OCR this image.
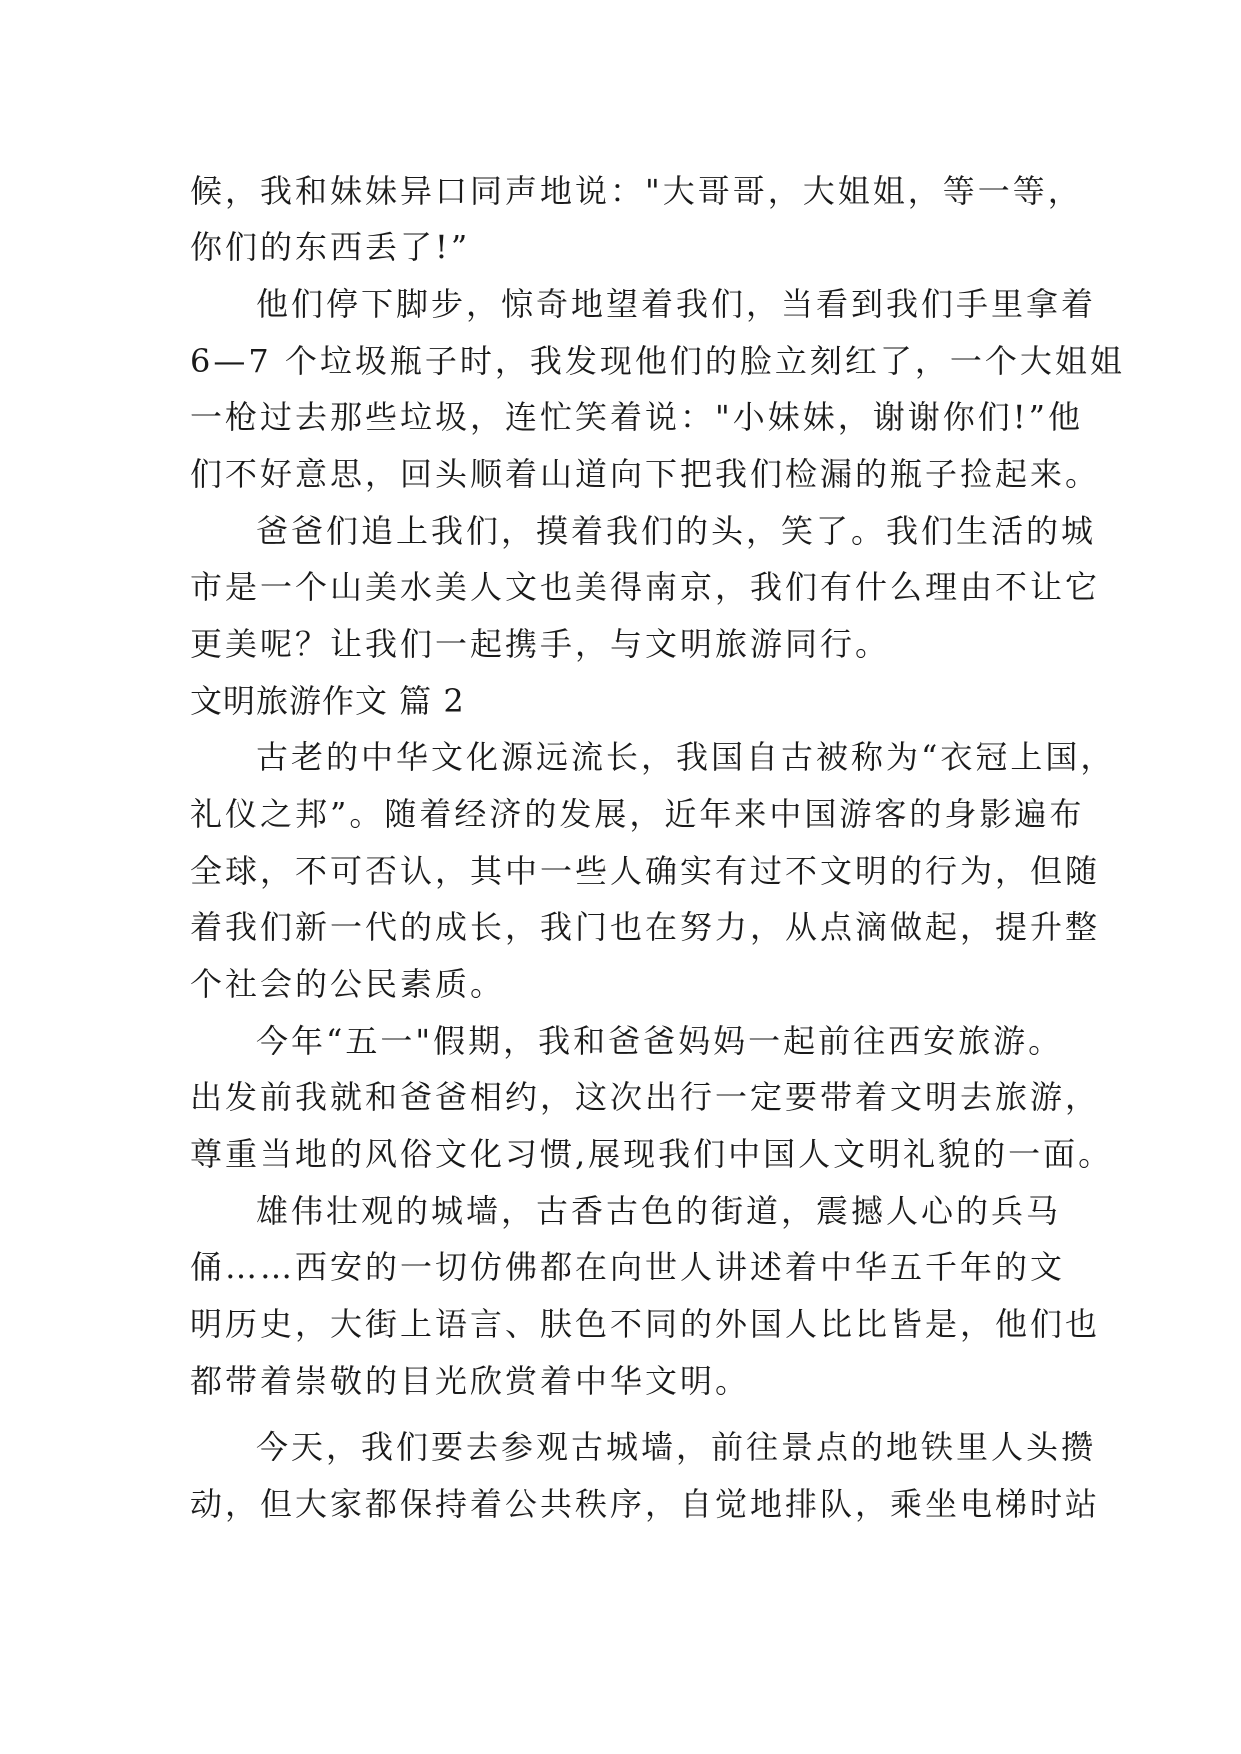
候，我和妹妹异口同声地说："大哥哥，大姐姐，等一等，
你们的东西丢了!”
他们停下脚步，惊奇地望着我们，当看到我们手里拿着
6—7 个垃圾瓶子时，我发现他们的脸立刻红了，一个大姐姐
一枪过去那些垃圾，连忙笑着说："小妹妹，谢谢你们!”他
们不好意思，回头顺着山道向下把我们检漏的瓶子捡起来。
爸爸们追上我们，摸着我们的头，笑了。我们生活的城
市是一个山美水美人文也美得南京，我们有什么理由不让它
更美呢？让我们一起携手，与文明旅游同行。
文明旅游作文 篇 2
古老的中华文化源远流长，我国自古被称为“衣冠上国，
礼仪之邦”。随着经济的发展，近年来中国游客的身影遍布
全球，不可否认，其中一些人确实有过不文明的行为，但随
着我们新一代的成长，我门也在努力，从点滴做起，提升整
个社会的公民素质。
今年“五一"假期，我和爸爸妈妈一起前往西安旅游。
出发前我就和爸爸相约，这次出行一定要带着文明去旅游，
尊重当地的风俗文化习惯,展现我们中国人文明礼貌的一面。
雄伟壮观的城墙，古香古色的街道，震撼人心的兵马
俑……西安的一切仿佛都在向世人讲述着中华五千年的文
明历史，大街上语言、肤色不同的外国人比比皆是，他们也
都带着崇敬的目光欣赏着中华文明。
今天，我们要去参观古城墙，前往景点的地铁里人头攒
动，但大家都保持着公共秩序，自觉地排队，乘坐电梯时站
